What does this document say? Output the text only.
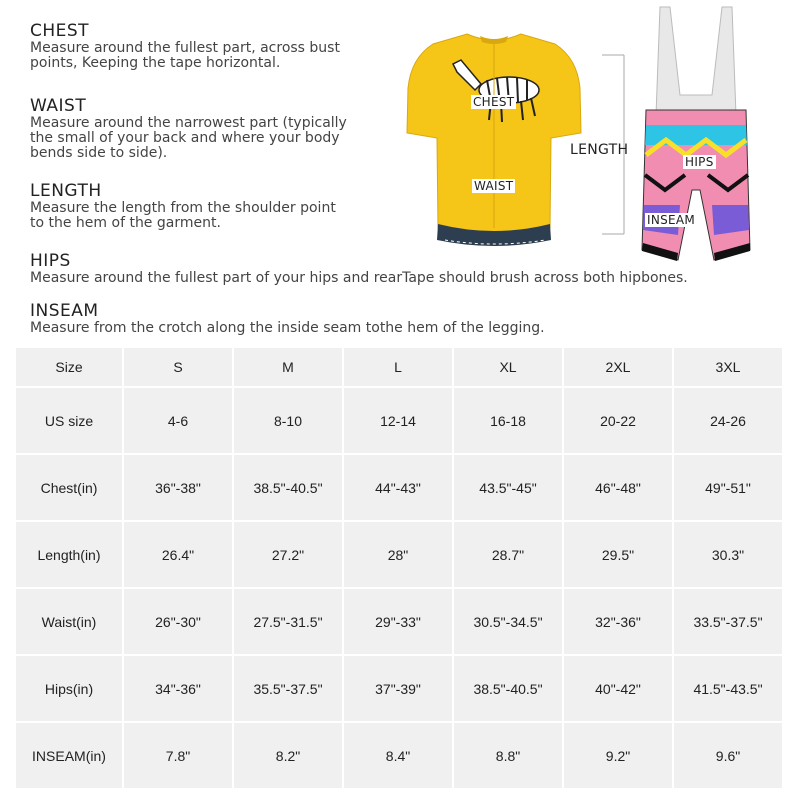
CHEST
Measure around the fullest part, across bust
points, Keeping the tape horizontal.
WAIST
Measure around the narrowest part (typically
the small of your back and where your body
bends side to side).
LENGTH
Measure the length from the shoulder point
to the hem of the garment.
HIPS
Measure around the fullest part of your hips and rearTape should brush across both hipbones.
INSEAM
Measure from the crotch along the inside seam tothe hem of the legging.
CHEST
WAIST
LENGTH
HIPS
INSEAM
Size	S	M	L	XL	2XL	3XL
US size	4-6	8-10	12-14	16-18	20-22	24-26
Chest(in)	36"-38"	38.5"-40.5"	44"-43"	43.5"-45"	46"-48"	49"-51"
Length(in)	26.4"	27.2"	28"	28.7"	29.5"	30.3"
Waist(in)	26"-30"	27.5"-31.5"	29"-33"	30.5"-34.5"	32"-36"	33.5"-37.5"
Hips(in)	34"-36"	35.5"-37.5"	37"-39"	38.5"-40.5"	40"-42"	41.5"-43.5"
INSEAM(in)	7.8"	8.2"	8.4"	8.8"	9.2"	9.6"
